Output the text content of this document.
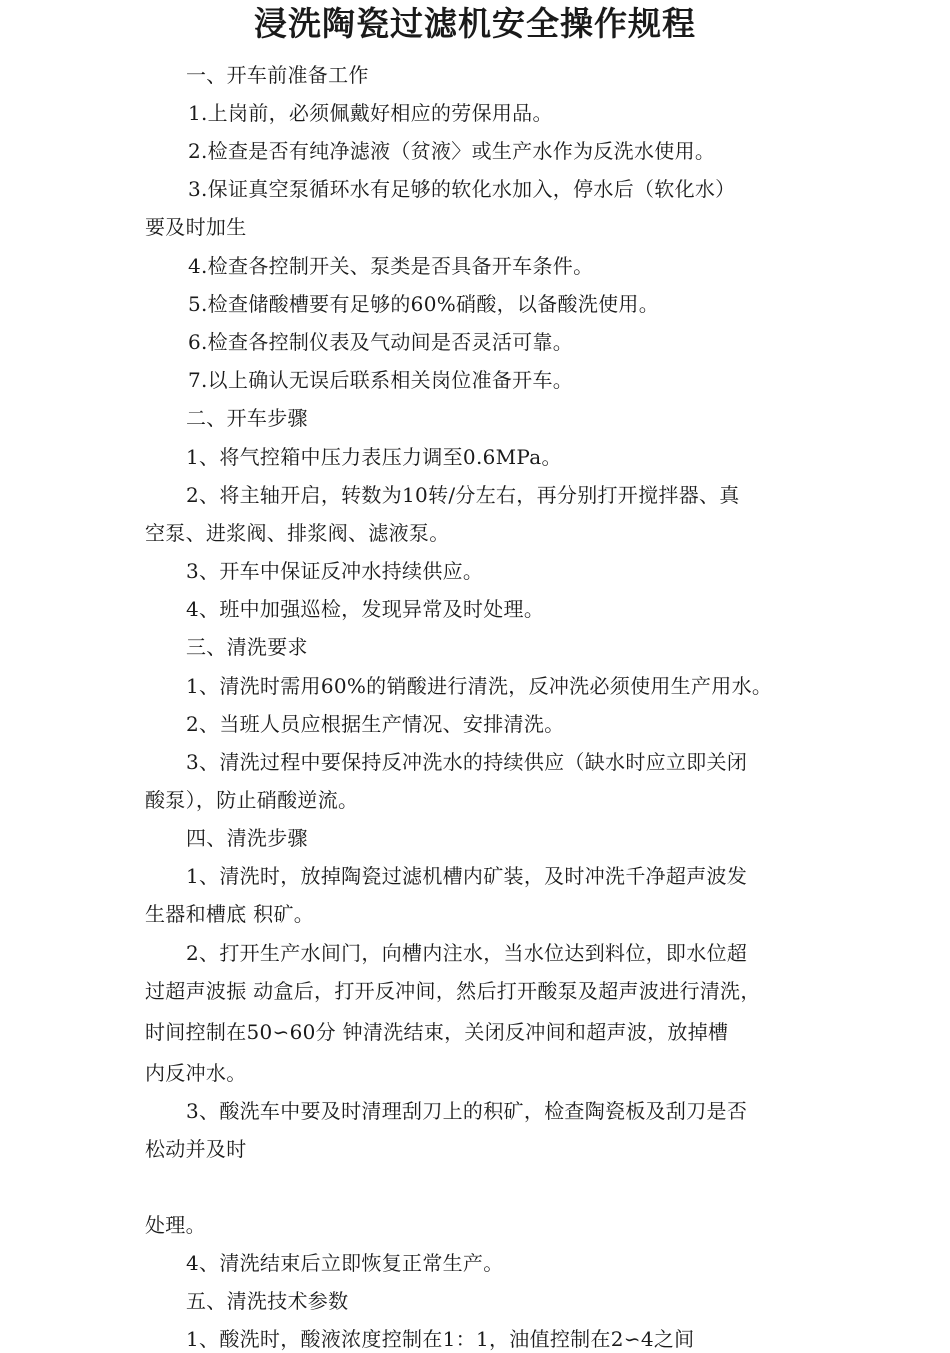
浸洗陶瓷过滤机安全操作规程
一、开车前准备工作
1.上岗前，必须佩戴好相应的劳保用品。
2.检查是否有纯净滤液（贫液〉或生产水作为反洗水使用。
3.保证真空泵循环水有足够的软化水加入，停水后（软化水）
要及时加生
4.检查各控制开关、泵类是否具备开车条件。
5.检查储酸槽要有足够的60%硝酸，以备酸洗使用。
6.检查各控制仪表及气动间是否灵活可靠。
7.以上确认无误后联系相关岗位准备开车。
二、开车步骤
1、将气控箱中压力表压力调至0.6MPa。
2、将主轴开启，转数为10转/分左右，再分别打开搅拌器、真
空泵、进浆阀、排浆阀、滤液泵。
3、开车中保证反冲水持续供应。
4、班中加强巡检，发现异常及时处理。
三、清洗要求
1、清洗时需用60%的销酸进行清洗，反冲洗必须使用生产用水。
2、当班人员应根据生产情况、安排清洗。
3、清洗过程中要保持反冲洗水的持续供应（缺水时应立即关闭
酸泵），防止硝酸逆流。
四、清洗步骤
1、清洗时，放掉陶瓷过滤机槽内矿装，及时冲洗千净超声波发
生器和槽底 积矿。
2、打开生产水间门，向槽内注水，当水位达到料位，即水位超
过超声波振 动盒后，打开反冲间，然后打开酸泵及超声波进行清洗，
时间控制在50∽60分 钟清洗结束，关闭反冲间和超声波，放掉槽
内反冲水。
3、酸洗车中要及时清理刮刀上的积矿，检查陶瓷板及刮刀是否
松动并及时
处理。
4、清洗结束后立即恢复正常生产。
五、清洗技术参数
1、酸洗时，酸液浓度控制在1：1，油值控制在2∽4之间
